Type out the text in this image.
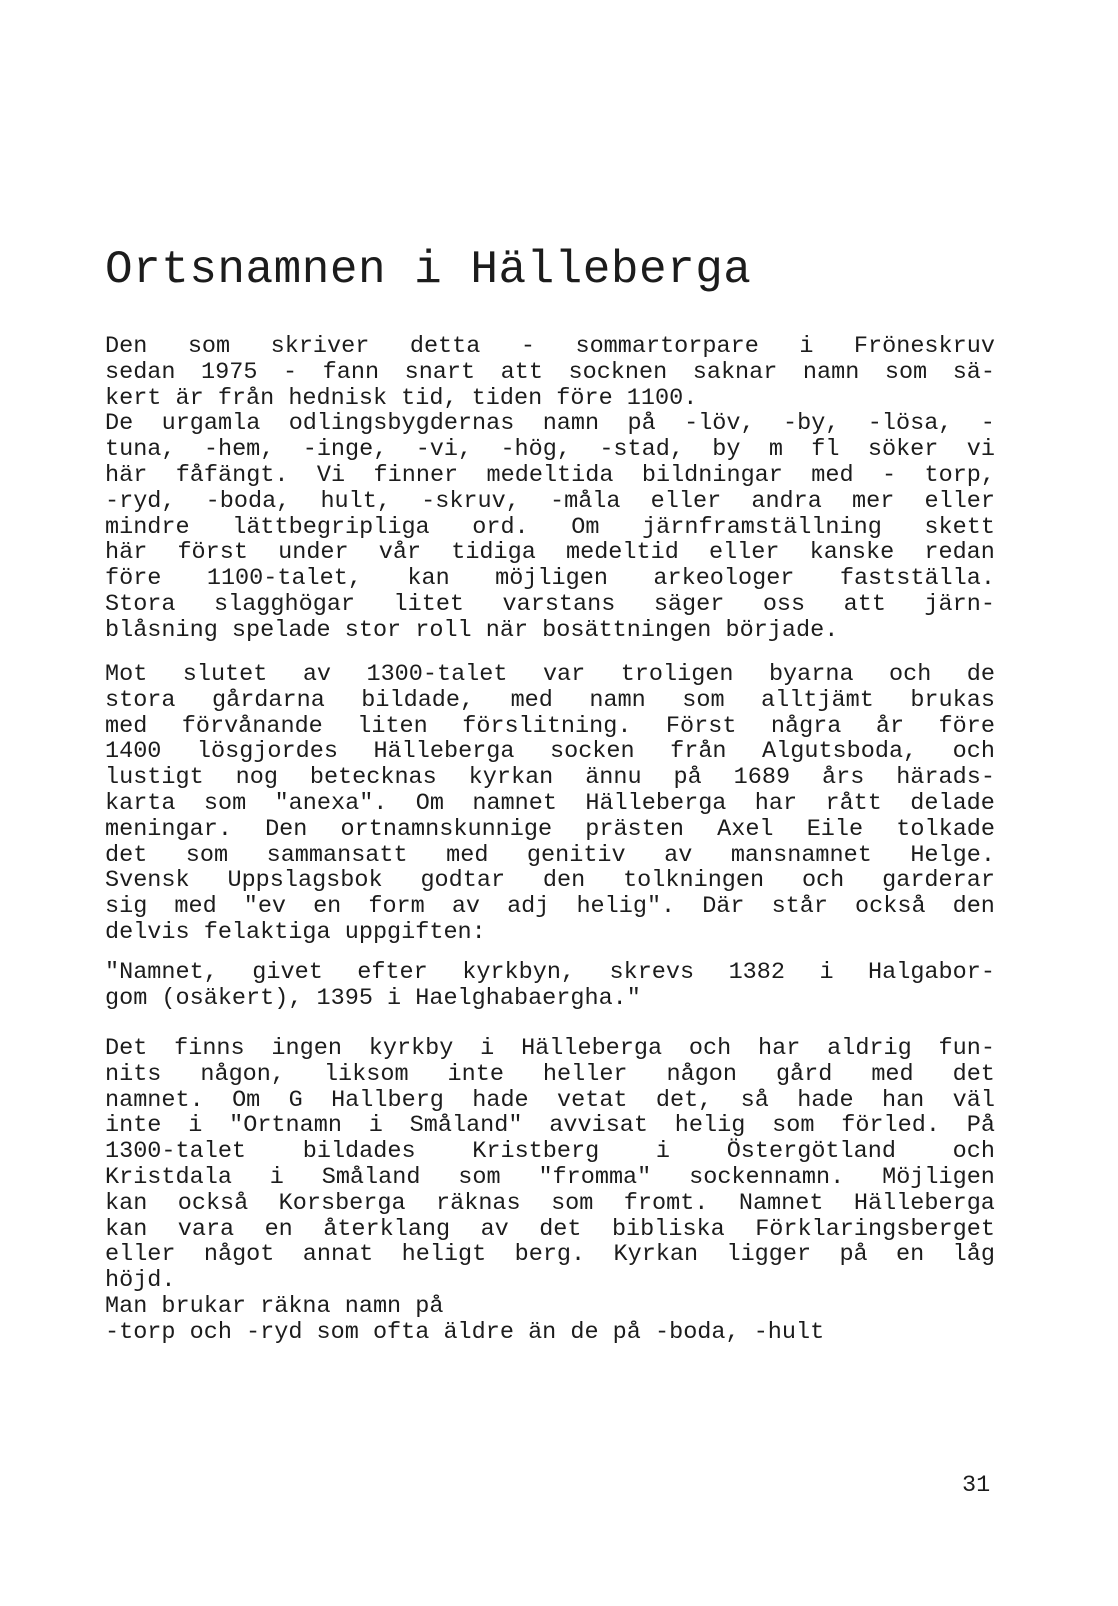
Ortsnamnen i Hälleberga
Den som skriver detta - sommartorpare i Fröneskruv
sedan 1975 - fann snart att socknen saknar namn som sä-
kert är från hednisk tid, tiden före 1100.
De urgamla odlingsbygdernas namn på -löv, -by, -lösa, -
tuna, -hem, -inge, -vi, -hög, -stad, by m fl söker vi
här fåfängt. Vi finner medeltida bildningar med - torp,
-ryd, -boda, hult, -skruv, -måla eller andra mer eller
mindre lättbegripliga ord. Om järnframställning skett
här först under vår tidiga medeltid eller kanske redan
före 1100-talet, kan möjligen arkeologer fastställa.
Stora slagghögar litet varstans säger oss att järn-
blåsning spelade stor roll när bosättningen började.
Mot slutet av 1300-talet var troligen byarna och de
stora gårdarna bildade, med namn som alltjämt brukas
med förvånande liten förslitning. Först några år före
1400 lösgjordes Hälleberga socken från Algutsboda, och
lustigt nog betecknas kyrkan ännu på 1689 års härads-
karta som "anexa". Om namnet Hälleberga har rått delade
meningar. Den ortnamnskunnige prästen Axel Eile tolkade
det som sammansatt med genitiv av mansnamnet Helge.
Svensk Uppslagsbok godtar den tolkningen och garderar
sig med "ev en form av adj helig". Där står också den
delvis felaktiga uppgiften:
"Namnet, givet efter kyrkbyn, skrevs 1382 i Halgabor-
gom (osäkert), 1395 i Haelghabaergha."
Det finns ingen kyrkby i Hälleberga och har aldrig fun-
nits någon, liksom inte heller någon gård med det
namnet. Om G Hallberg hade vetat det, så hade han väl
inte i "Ortnamn i Småland" avvisat helig som förled. På
1300-talet bildades Kristberg i Östergötland och
Kristdala i Småland som "fromma" sockennamn. Möjligen
kan också Korsberga räknas som fromt. Namnet Hälleberga
kan vara en återklang av det bibliska Förklaringsberget
eller något annat heligt berg. Kyrkan ligger på en låg
höjd.
Man brukar räkna namn på
-torp och -ryd som ofta äldre än de på -boda, -hult
31
